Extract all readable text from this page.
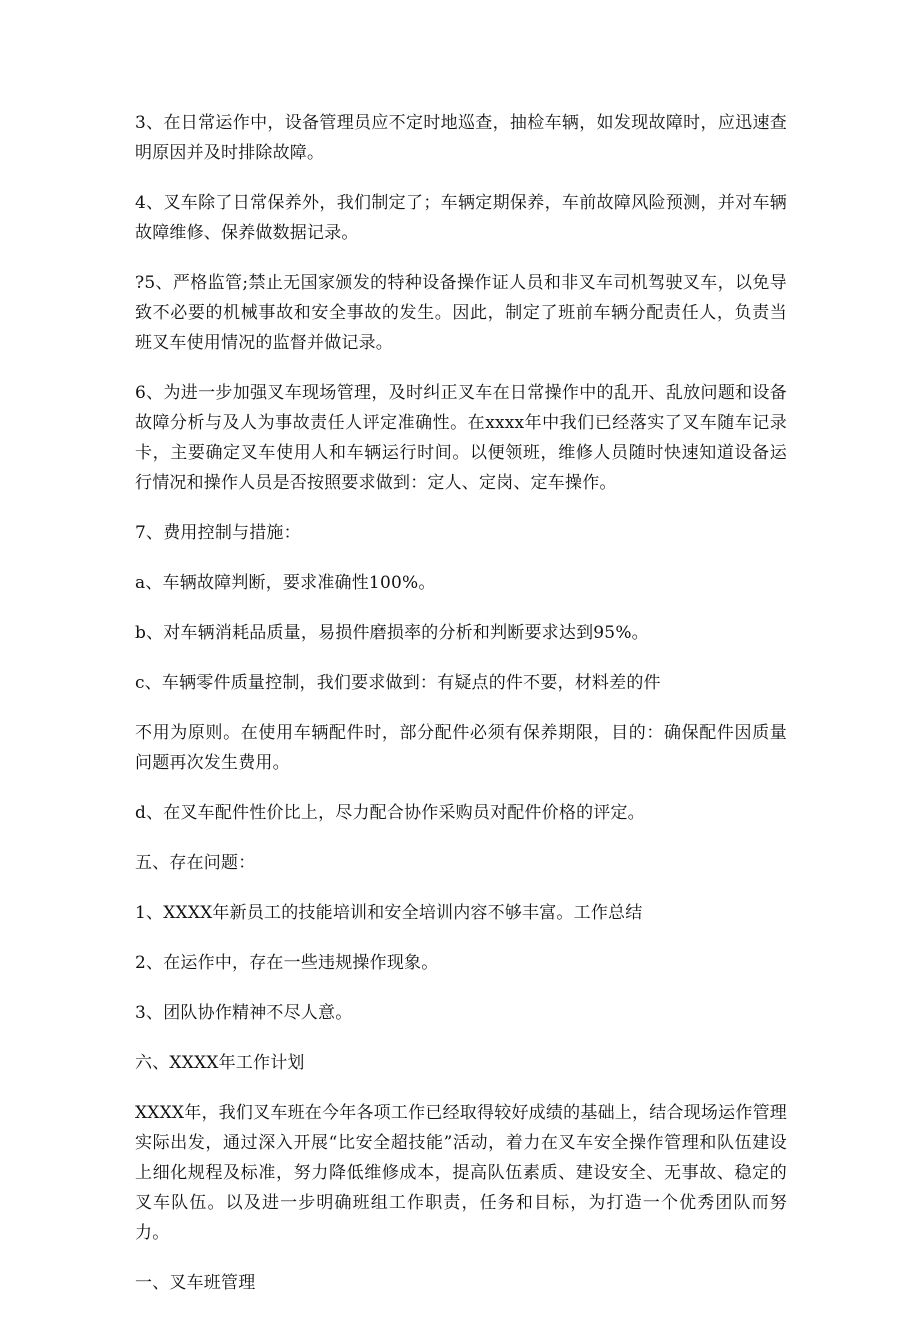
3、在日常运作中，设备管理员应不定时地巡查，抽检车辆，如发现故障时，应迅速查明原因并及时排除故障。

4、叉车除了日常保养外，我们制定了；车辆定期保养，车前故障风险预测，并对车辆故障维修、保养做数据记录。

?5、严格监管;禁止无国家颁发的特种设备操作证人员和非叉车司机驾驶叉车，以免导致不必要的机械事故和安全事故的发生。因此，制定了班前车辆分配责任人，负责当班叉车使用情况的监督并做记录。

6、为进一步加强叉车现场管理，及时纠正叉车在日常操作中的乱开、乱放问题和设备故障分析与及人为事故责任人评定准确性。在xxxx年中我们已经落实了叉车随车记录卡，主要确定叉车使用人和车辆运行时间。以便领班，维修人员随时快速知道设备运行情况和操作人员是否按照要求做到：定人、定岗、定车操作。

7、费用控制与措施：

a、车辆故障判断，要求准确性100%。

b、对车辆消耗品质量，易损件磨损率的分析和判断要求达到95%。

c、车辆零件质量控制，我们要求做到：有疑点的件不要，材料差的件

不用为原则。在使用车辆配件时，部分配件必须有保养期限，目的：确保配件因质量问题再次发生费用。

d、在叉车配件性价比上，尽力配合协作采购员对配件价格的评定。

五、存在问题：

1、XXXX年新员工的技能培训和安全培训内容不够丰富。工作总结

2、在运作中，存在一些违规操作现象。

3、团队协作精神不尽人意。

六、XXXX年工作计划

XXXX年，我们叉车班在今年各项工作已经取得较好成绩的基础上，结合现场运作管理实际出发，通过深入开展“比安全超技能”活动，着力在叉车安全操作管理和队伍建设上细化规程及标准，努力降低维修成本，提高队伍素质、建设安全、无事故、稳定的叉车队伍。以及进一步明确班组工作职责，任务和目标，为打造一个优秀团队而努力。

一、叉车班管理
